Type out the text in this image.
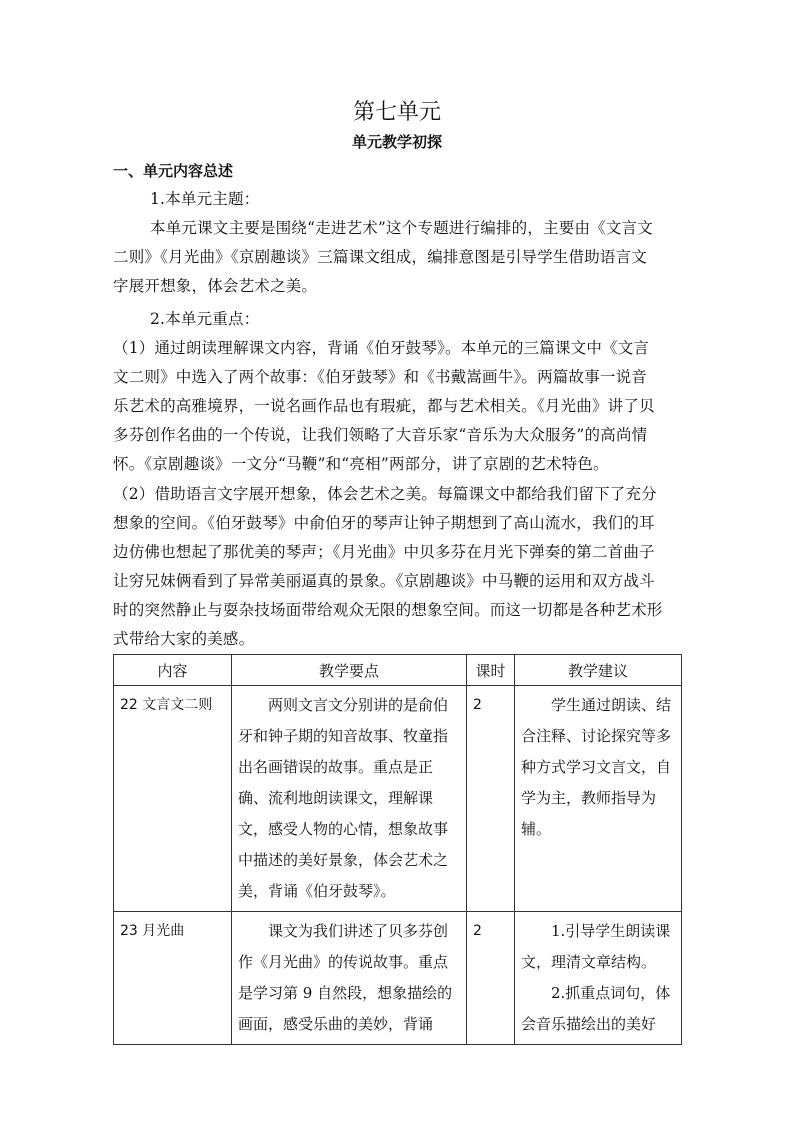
第七单元
单元教学初探
一、单元内容总述
1.本单元主题：
本单元课文主要是围绕“走进艺术”这个专题进行编排的，主要由《文言文
二则》《月光曲》《京剧趣谈》三篇课文组成，编排意图是引导学生借助语言文
字展开想象，体会艺术之美。
2.本单元重点：
（1）通过朗读理解课文内容，背诵《伯牙鼓琴》。本单元的三篇课文中《文言
文二则》中选入了两个故事：《伯牙鼓琴》和《书戴嵩画牛》。两篇故事一说音
乐艺术的高雅境界，一说名画作品也有瑕疵，都与艺术相关。《月光曲》讲了贝
多芬创作名曲的一个传说，让我们领略了大音乐家“音乐为大众服务”的高尚情
怀。《京剧趣谈》一文分“马鞭”和“亮相”两部分，讲了京剧的艺术特色。
（2）借助语言文字展开想象，体会艺术之美。每篇课文中都给我们留下了充分
想象的空间。《伯牙鼓琴》中俞伯牙的琴声让钟子期想到了高山流水，我们的耳
边仿佛也想起了那优美的琴声；《月光曲》中贝多芬在月光下弹奏的第二首曲子
让穷兄妹俩看到了异常美丽逼真的景象。《京剧趣谈》中马鞭的运用和双方战斗
时的突然静止与耍杂技场面带给观众无限的想象空间。而这一切都是各种艺术形
式带给大家的美感。
内容	教学要点	课时	教学建议
22 文言文二则	两则文言文分别讲的是俞伯牙和钟子期的知音故事、牧童指出名画错误的故事。重点是正确、流利地朗读课文，理解课文，感受人物的心情，想象故事中描述的美好景象，体会艺术之美，背诵《伯牙鼓琴》。	2	学生通过朗读、结合注释、讨论探究等多种方式学习文言文，自学为主，教师指导为辅。
23 月光曲	课文为我们讲述了贝多芬创作《月光曲》的传说故事。重点是学习第 9 自然段，想象描绘的画面，感受乐曲的美妙，背诵	2	1.引导学生朗读课文，理清文章结构。
2.抓重点词句，体会音乐描绘出的美好
